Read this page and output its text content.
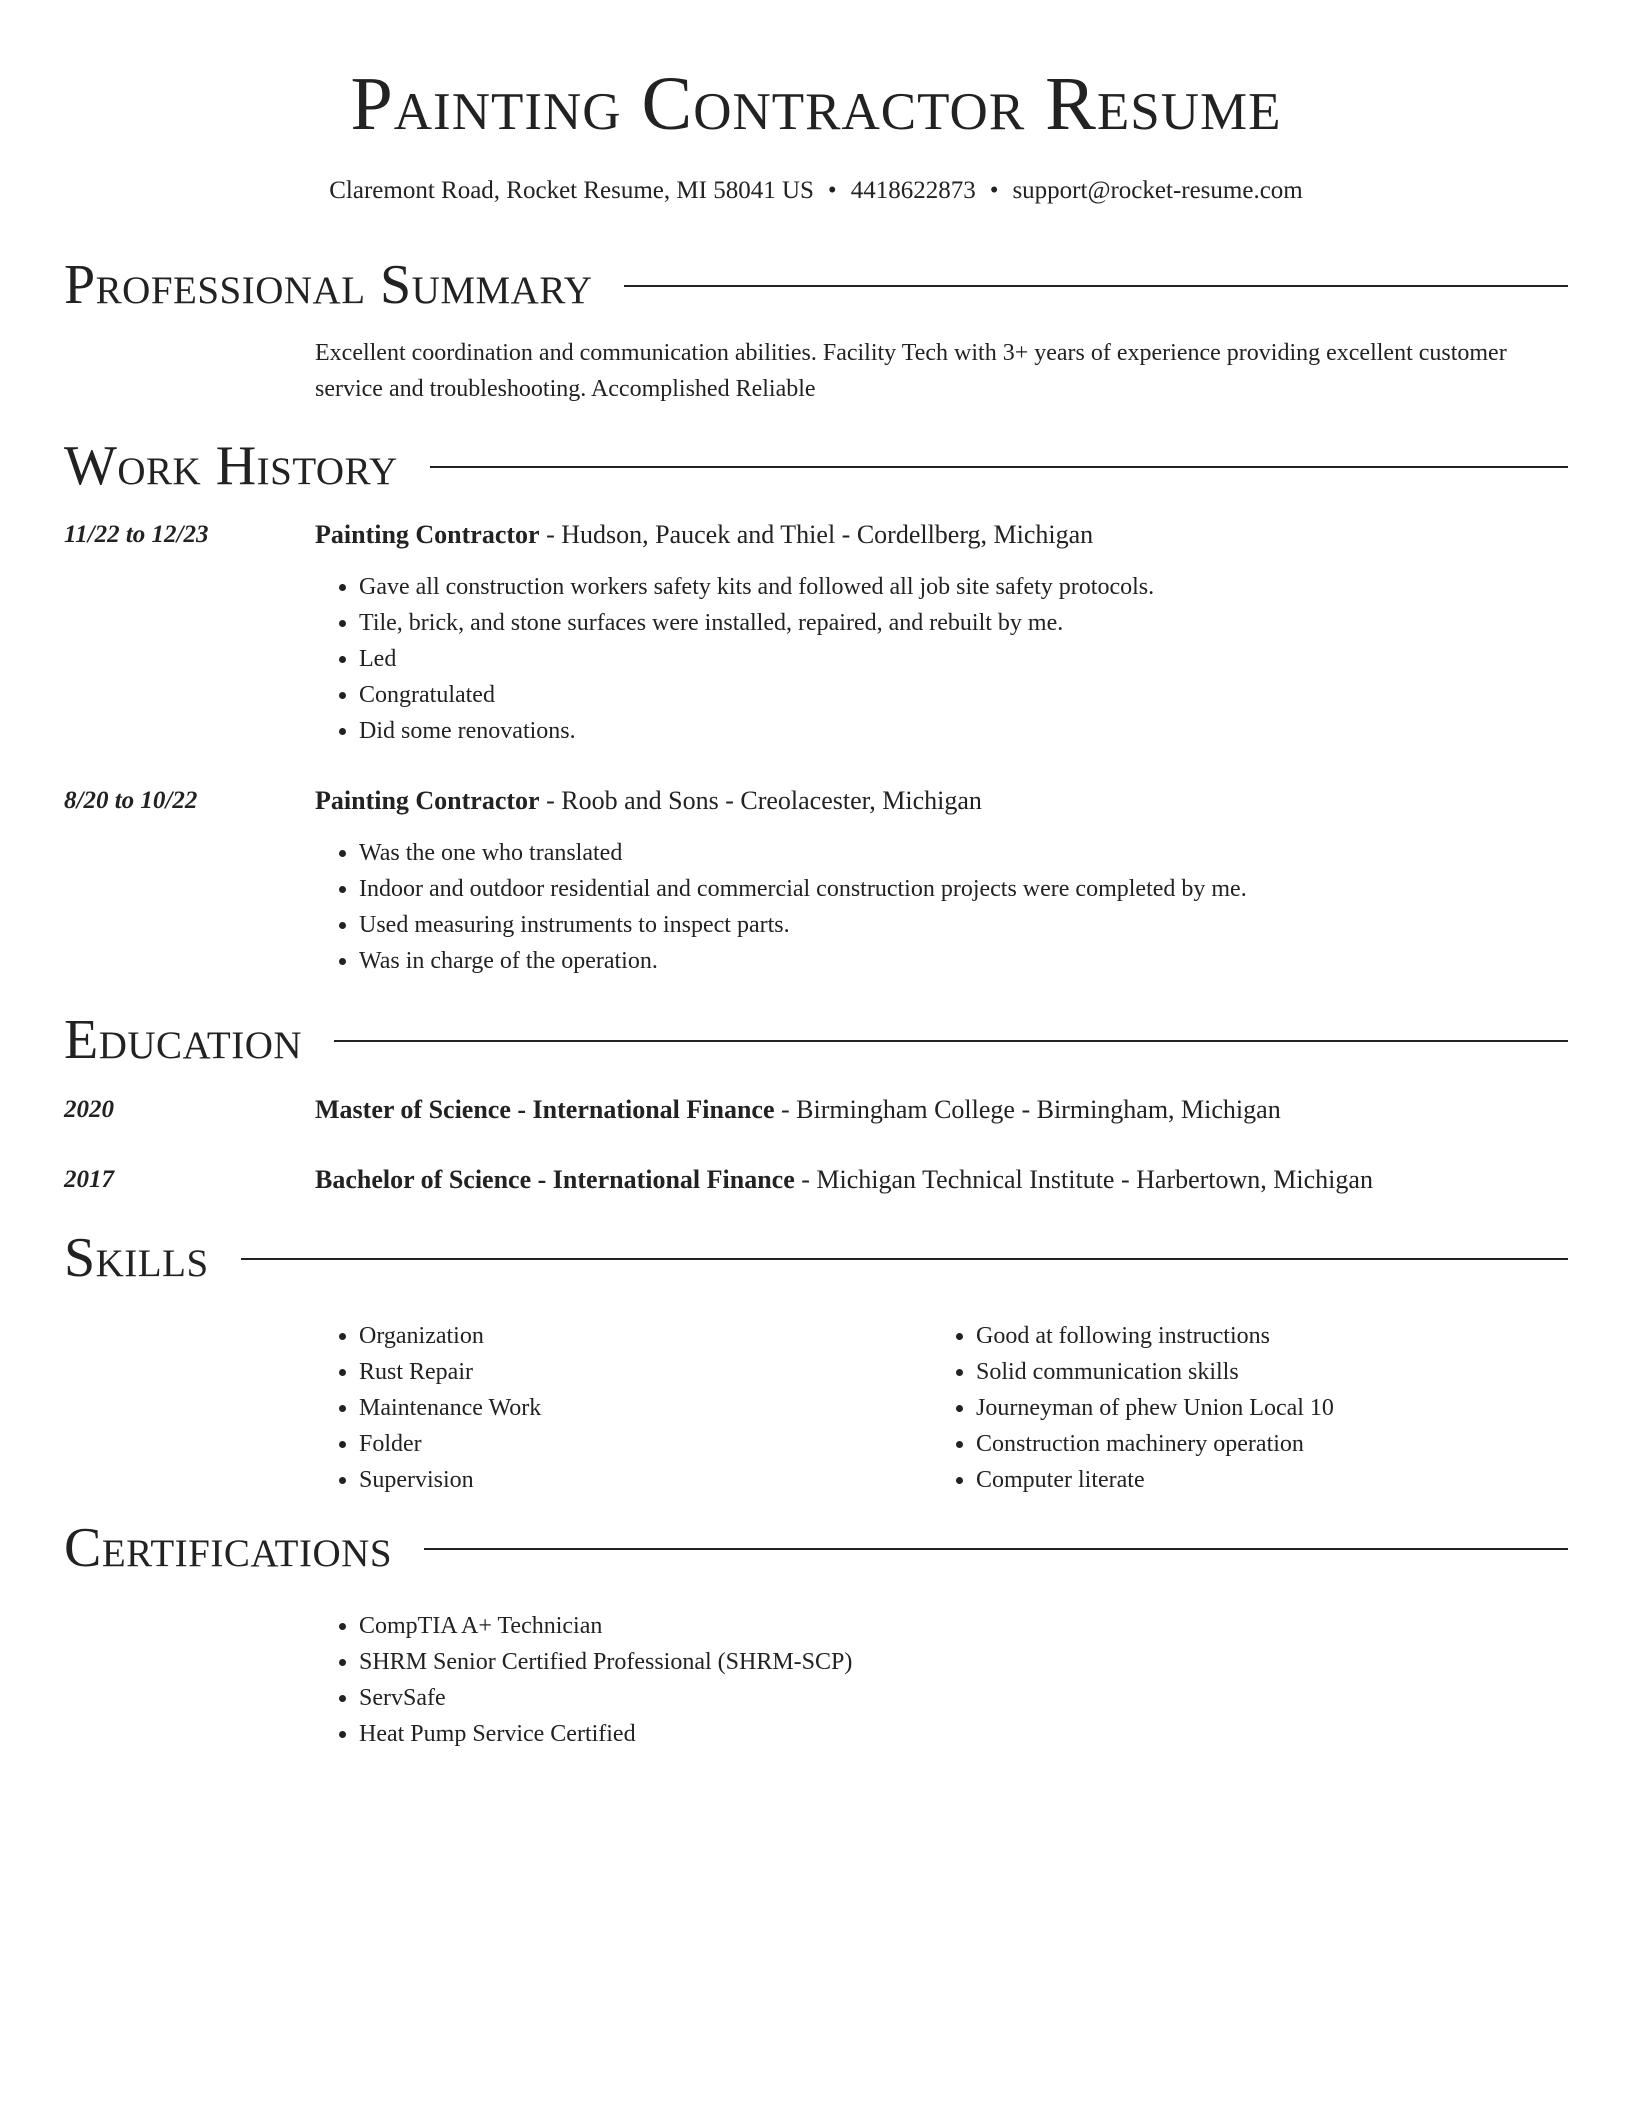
Painting Contractor Resume
Claremont Road, Rocket Resume, MI 58041 US • 4418622873 • support@rocket-resume.com
Professional Summary
Excellent coordination and communication abilities. Facility Tech with 3+ years of experience providing excellent customer service and troubleshooting. Accomplished Reliable
Work History
11/22 to 12/23	Painting Contractor - Hudson, Paucek and Thiel - Cordellberg, Michigan
• Gave all construction workers safety kits and followed all job site safety protocols.
• Tile, brick, and stone surfaces were installed, repaired, and rebuilt by me.
• Led
• Congratulated
• Did some renovations.
8/20 to 10/22	Painting Contractor - Roob and Sons - Creolacester, Michigan
• Was the one who translated
• Indoor and outdoor residential and commercial construction projects were completed by me.
• Used measuring instruments to inspect parts.
• Was in charge of the operation.
Education
2020	Master of Science - International Finance - Birmingham College - Birmingham, Michigan
2017	Bachelor of Science - International Finance - Michigan Technical Institute - Harbertown, Michigan
Skills
• Organization
• Rust Repair
• Maintenance Work
• Folder
• Supervision
• Good at following instructions
• Solid communication skills
• Journeyman of phew Union Local 10
• Construction machinery operation
• Computer literate
Certifications
• CompTIA A+ Technician
• SHRM Senior Certified Professional (SHRM-SCP)
• ServSafe
• Heat Pump Service Certified
